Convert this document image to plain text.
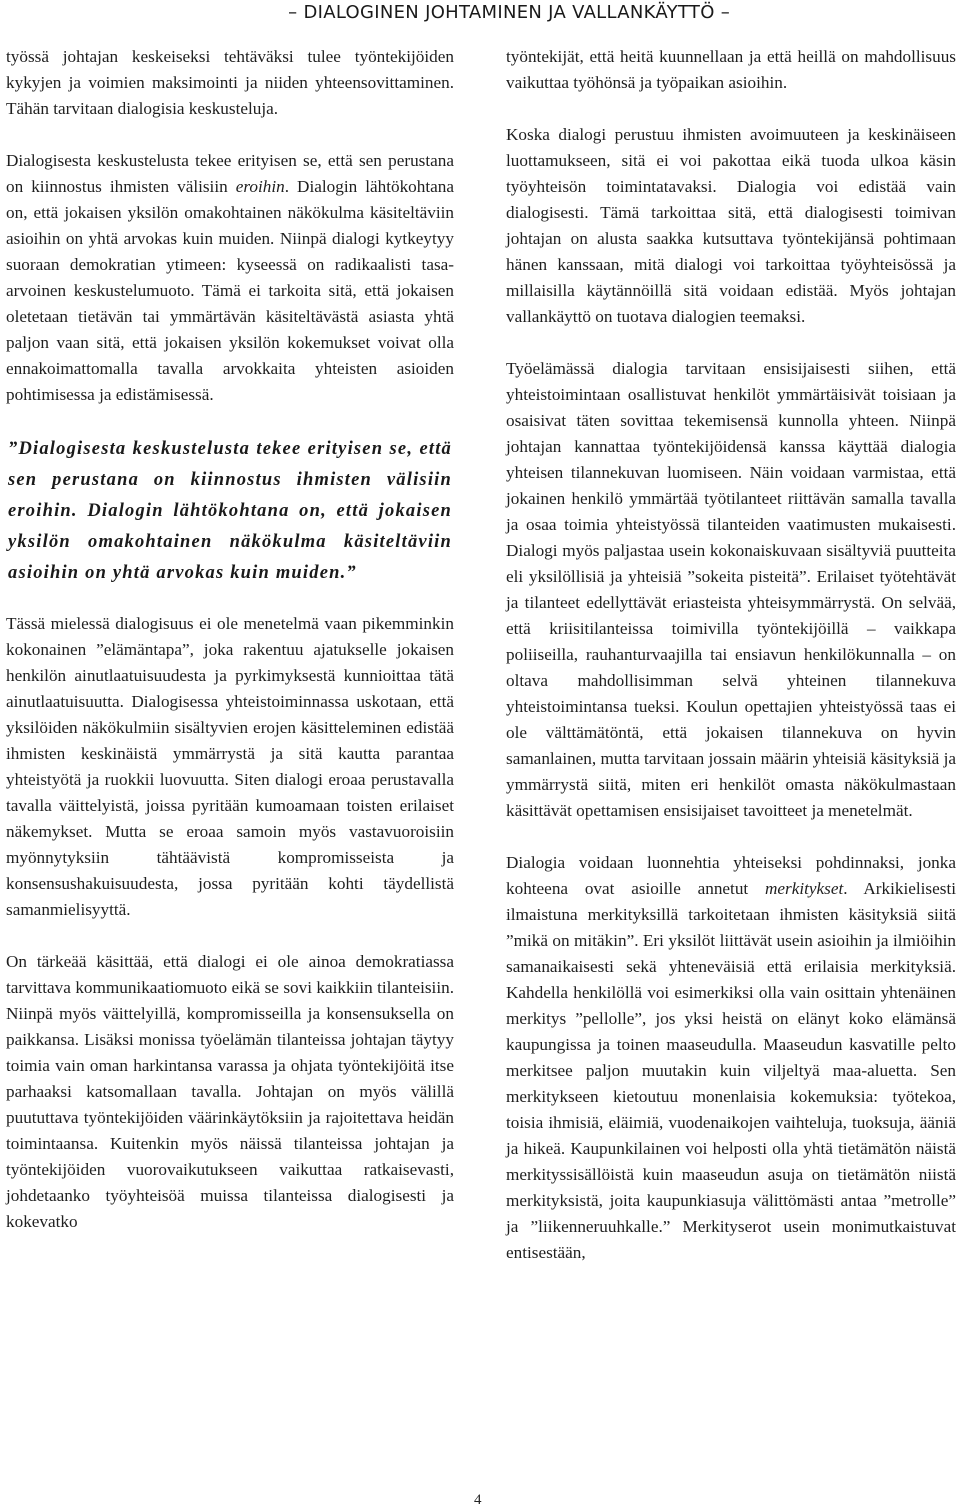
– DIALOGINEN JOHTAMINEN JA VALLANKÄYTTÖ –

työssä johtajan keskeiseksi tehtäväksi tulee työntekijöiden kykyjen ja voimien maksimointi ja niiden yhteensovittaminen. Tähän tarvitaan dialogisia keskusteluja.

Dialogisesta keskustelusta tekee erityisen se, että sen perustana on kiinnostus ihmisten välisiin eroihin. Dialogin lähtökohtana on, että jokaisen yksilön omakohtainen näkökulma käsiteltäviin asioihin on yhtä arvokas kuin muiden. Niinpä dialogi kytkeytyy suoraan demokratian ytimeen: kyseessä on radikaalisti tasa-arvoinen keskustelumuoto. Tämä ei tarkoita sitä, että jokaisen oletetaan tietävän tai ymmärtävän käsiteltävästä asiasta yhtä paljon vaan sitä, että jokaisen yksilön kokemukset voivat olla ennakoimattomalla tavalla arvokkaita yhteisten asioiden pohtimisessa ja edistämisessä.

”Dialogisesta keskustelusta tekee erityisen se, että sen perustana on kiinnostus ihmisten välisiin eroihin. Dialogin lähtökohtana on, että jokaisen yksilön omakohtainen näkökulma käsiteltäviin asioihin on yhtä arvokas kuin muiden.”

Tässä mielessä dialogisuus ei ole menetelmä vaan pikemminkin kokonainen ”elämäntapa”, joka rakentuu ajatukselle jokaisen henkilön ainutlaatuisuudesta ja pyrkimyksestä kunnioittaa tätä ainutlaatuisuutta. Dialogisessa yhteistoiminnassa uskotaan, että yksilöiden näkökulmiin sisältyvien erojen käsitteleminen edistää ihmisten keskinäistä ymmärrystä ja sitä kautta parantaa yhteistyötä ja ruokkii luovuutta. Siten dialogi eroaa perustavalla tavalla väittelyistä, joissa pyritään kumoamaan toisten erilaiset näkemykset. Mutta se eroaa samoin myös vastavuoroisiin myönnytyksiin tähtäävistä kompromisseista ja konsensushakuisuudesta, jossa pyritään kohti täydellistä samanmielisyyttä.

On tärkeää käsittää, että dialogi ei ole ainoa demokratiassa tarvittava kommunikaatiomuoto eikä se sovi kaikkiin tilanteisiin. Niinpä myös väittelyillä, kompromisseilla ja konsensuksella on paikkansa. Lisäksi monissa työelämän tilanteissa johtajan täytyy toimia vain oman harkintansa varassa ja ohjata työntekijöitä itse parhaaksi katsomallaan tavalla. Johtajan on myös välillä puututtava työntekijöiden väärinkäytöksiin ja rajoitettava heidän toimintaansa. Kuitenkin myös näissä tilanteissa johtajan ja työntekijöiden vuorovaikutukseen vaikuttaa ratkaisevasti, johdetaanko työyhteisöä muissa tilanteissa dialogisesti ja kokevatko

työntekijät, että heitä kuunnellaan ja että heillä on mahdollisuus vaikuttaa työhönsä ja työpaikan asioihin.

Koska dialogi perustuu ihmisten avoimuuteen ja keskinäiseen luottamukseen, sitä ei voi pakottaa eikä tuoda ulkoa käsin työyhteisön toimintatavaksi. Dialogia voi edistää vain dialogisesti. Tämä tarkoittaa sitä, että dialogisesti toimivan johtajan on alusta saakka kutsuttava työntekijänsä pohtimaan hänen kanssaan, mitä dialogi voi tarkoittaa työyhteisössä ja millaisilla käytännöillä sitä voidaan edistää. Myös johtajan vallankäyttö on tuotava dialogien teemaksi.

Työelämässä dialogia tarvitaan ensisijaisesti siihen, että yhteistoimintaan osallistuvat henkilöt ymmärtäisivät toisiaan ja osaisivat täten sovittaa tekemisensä kunnolla yhteen. Niinpä johtajan kannattaa työntekijöidensä kanssa käyttää dialogia yhteisen tilannekuvan luomiseen. Näin voidaan varmistaa, että jokainen henkilö ymmärtää työtilanteet riittävän samalla tavalla ja osaa toimia yhteistyössä tilanteiden vaatimusten mukaisesti. Dialogi myös paljastaa usein kokonaiskuvaan sisältyviä puutteita eli yksilöllisiä ja yhteisiä ”sokeita pisteitä”. Erilaiset työtehtävät ja tilanteet edellyttävät eriasteista yhteisymmärrystä. On selvää, että kriisitilanteissa toimivilla työntekijöillä – vaikkapa poliiseilla, rauhanturvaajilla tai ensiavun henkilökunnalla – on oltava mahdollisimman selvä yhteinen tilannekuva yhteistoimintansa tueksi. Koulun opettajien yhteistyössä taas ei ole välttämätöntä, että jokaisen tilannekuva on hyvin samanlainen, mutta tarvitaan jossain määrin yhteisiä käsityksiä ja ymmärrystä siitä, miten eri henkilöt omasta näkökulmastaan käsittävät opettamisen ensisijaiset tavoitteet ja menetelmät.

Dialogia voidaan luonnehtia yhteiseksi pohdinnaksi, jonka kohteena ovat asioille annetut merkitykset. Arkikielisesti ilmaistuna merkityksillä tarkoitetaan ihmisten käsityksiä siitä ”mikä on mitäkin”. Eri yksilöt liittävät usein asioihin ja ilmiöihin samanaikaisesti sekä yhteneväisiä että erilaisia merkityksiä. Kahdella henkilöllä voi esimerkiksi olla vain osittain yhtenäinen merkitys ”pellolle”, jos yksi heistä on elänyt koko elämänsä kaupungissa ja toinen maaseudulla. Maaseudun kasvatille pelto merkitsee paljon muutakin kuin viljeltyä maa-aluetta. Sen merkitykseen kietoutuu monenlaisia kokemuksia: työtekoa, toisia ihmisiä, eläimiä, vuodenaikojen vaihteluja, tuoksuja, ääniä ja hikeä. Kaupunkilainen voi helposti olla yhtä tietämätön näistä merkityssisällöistä kuin maaseudun asuja on tietämätön niistä merkityksistä, joita kaupunkiasuja välittömästi antaa ”metrolle” ja ”liikenneruuhkalle.” Merkityserot usein monimutkaistuvat entisestään,

4
